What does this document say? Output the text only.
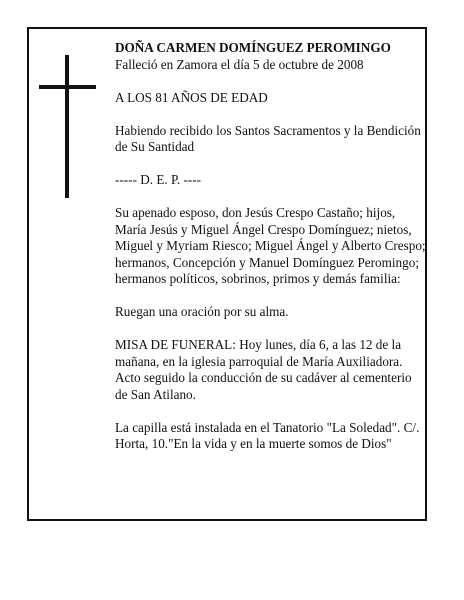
DOÑA CARMEN DOMÍNGUEZ PEROMINGO

Falleció en Zamora el día 5 de octubre de 2008

A LOS 81 AÑOS DE EDAD

Habiendo recibido los Santos Sacramentos y la Bendición de Su Santidad

----- D. E. P. ----

Su apenado esposo, don Jesús Crespo Castaño; hijos, María Jesús y Miguel Ángel Crespo Domínguez; nietos, Miguel y Myriam Riesco; Miguel Ángel y Alberto Crespo; hermanos, Concepción y Manuel Domínguez Peromingo; hermanos políticos, sobrinos, primos y demás familia:

Ruegan una oración por su alma.

MISA DE FUNERAL: Hoy lunes, día 6, a las 12 de la mañana, en la iglesia parroquial de María Auxiliadora. Acto seguido la conducción de su cadáver al cementerio de San Atilano.

La capilla está instalada en el Tanatorio "La Soledad". C/. Horta, 10."En la vida y en la muerte somos de Dios"
